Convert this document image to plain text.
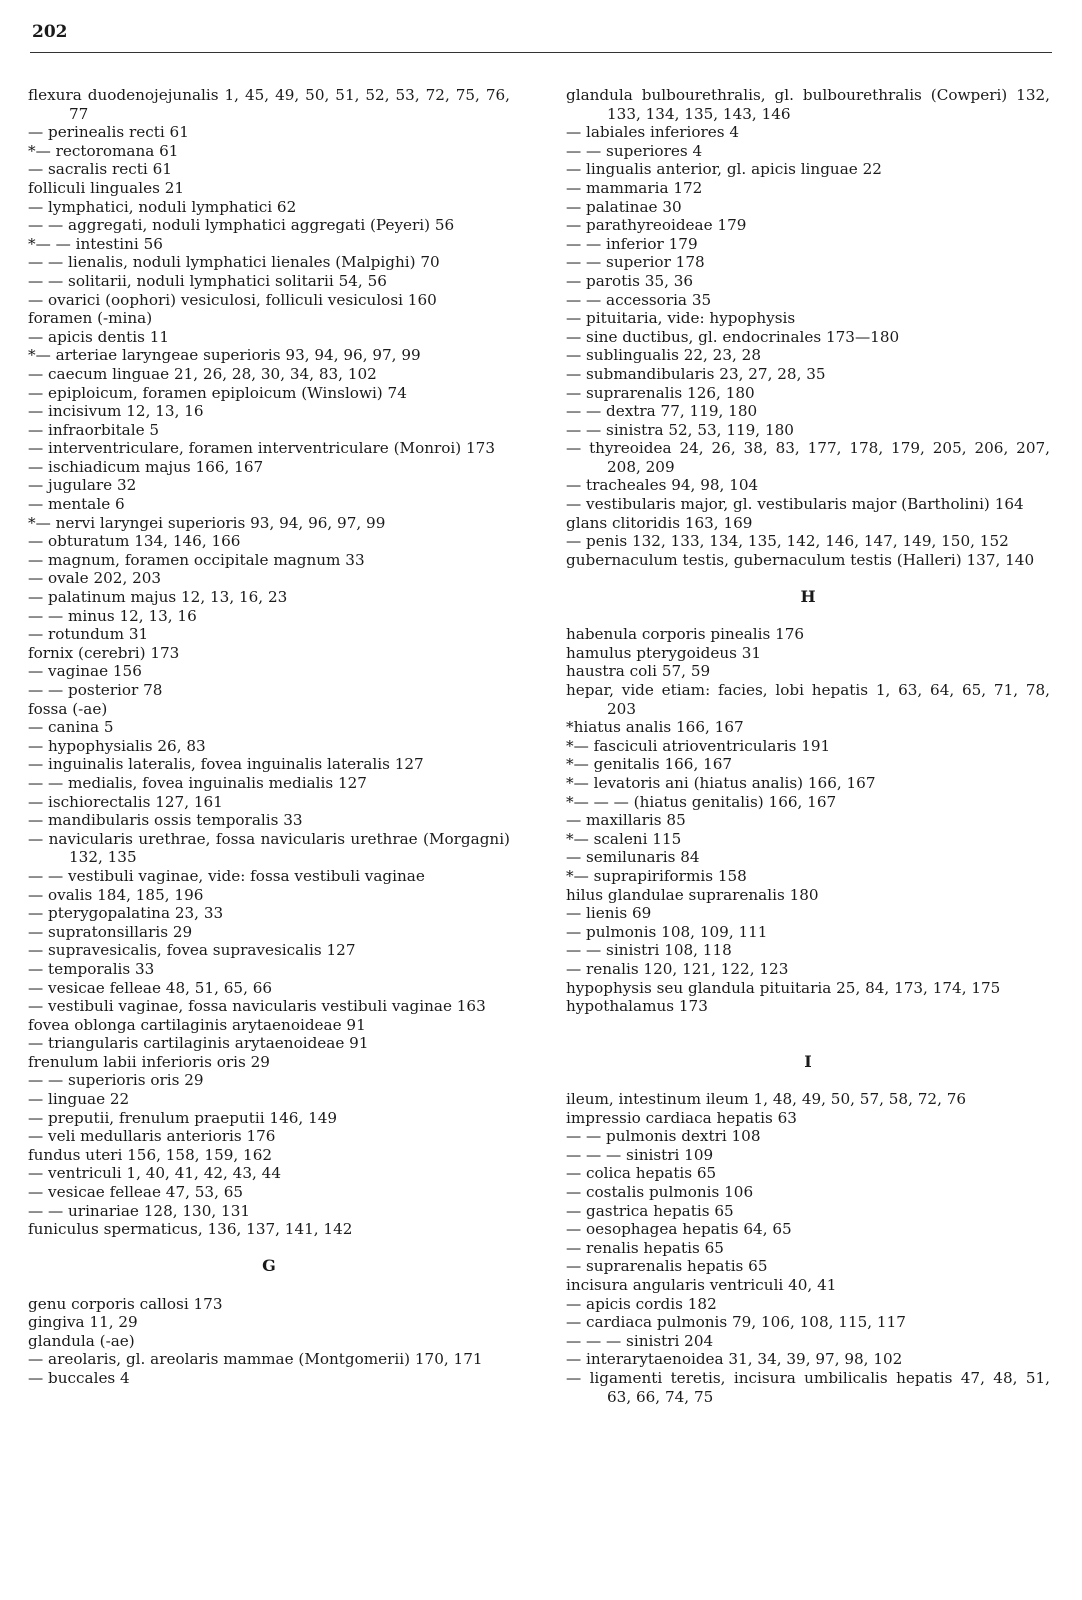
202
flexura duodenojejunalis 1, 45, 49, 50, 51, 52, 53, 72, 75, 76, 77
— perinealis recti 61
*— rectoromana 61
— sacralis recti 61
folliculi linguales 21
— lymphatici, noduli lymphatici 62
— — aggregati, noduli lymphatici aggregati (Peyeri) 56
*— — intestini 56
— — lienalis, noduli lymphatici lienales (Malpighi) 70
— — solitarii, noduli lymphatici solitarii 54, 56
— ovarici (oophori) vesiculosi, folliculi vesiculosi 160
foramen (-mina)
— apicis dentis 11
*— arteriae laryngeae superioris 93, 94, 96, 97, 99
— caecum linguae 21, 26, 28, 30, 34, 83, 102
— epiploicum, foramen epiploicum (Winslowi) 74
— incisivum 12, 13, 16
— infraorbitale 5
— interventriculare, foramen interventriculare (Monroi) 173
— ischiadicum majus 166, 167
— jugulare 32
— mentale 6
*— nervi laryngei superioris 93, 94, 96, 97, 99
— obturatum 134, 146, 166
— magnum, foramen occipitale magnum 33
— ovale 202, 203
— palatinum majus 12, 13, 16, 23
— — minus 12, 13, 16
— rotundum 31
fornix (cerebri) 173
— vaginae 156
— — posterior 78
fossa (-ae)
— canina 5
— hypophysialis 26, 83
— inguinalis lateralis, fovea inguinalis lateralis 127
— — medialis, fovea inguinalis medialis 127
— ischiorectalis 127, 161
— mandibularis ossis temporalis 33
— navicularis urethrae, fossa navicularis urethrae (Morgagni) 132, 135
— — vestibuli vaginae, vide: fossa vestibuli vaginae
— ovalis 184, 185, 196
— pterygopalatina 23, 33
— supratonsillaris 29
— supravesicalis, fovea supravesicalis 127
— temporalis 33
— vesicae felleae 48, 51, 65, 66
— vestibuli vaginae, fossa navicularis vestibuli vaginae 163
fovea oblonga cartilaginis arytaenoideae 91
— triangularis cartilaginis arytaenoideae 91
frenulum labii inferioris oris 29
— — superioris oris 29
— linguae 22
— preputii, frenulum praeputii 146, 149
— veli medullaris anterioris 176
fundus uteri 156, 158, 159, 162
— ventriculi 1, 40, 41, 42, 43, 44
— vesicae felleae 47, 53, 65
— — urinariae 128, 130, 131
funiculus spermaticus, 136, 137, 141, 142
G
genu corporis callosi 173
gingiva 11, 29
glandula (-ae)
— areolaris, gl. areolaris mammae (Montgomerii) 170, 171
— buccales 4
glandula bulbourethralis, gl. bulbourethralis (Cowperi) 132, 133, 134, 135, 143, 146
— labiales inferiores 4
— — superiores 4
— lingualis anterior, gl. apicis linguae 22
— mammaria 172
— palatinae 30
— parathyreoideae 179
— — inferior 179
— — superior 178
— parotis 35, 36
— — accessoria 35
— pituitaria, vide: hypophysis
— sine ductibus, gl. endocrinales 173—180
— sublingualis 22, 23, 28
— submandibularis 23, 27, 28, 35
— suprarenalis 126, 180
— — dextra 77, 119, 180
— — sinistra 52, 53, 119, 180
— thyreoidea 24, 26, 38, 83, 177, 178, 179, 205, 206, 207, 208, 209
— tracheales 94, 98, 104
— vestibularis major, gl. vestibularis major (Bartholini) 164
glans clitoridis 163, 169
— penis 132, 133, 134, 135, 142, 146, 147, 149, 150, 152
gubernaculum testis, gubernaculum testis (Halleri) 137, 140
H
habenula corporis pinealis 176
hamulus pterygoideus 31
haustra coli 57, 59
hepar, vide etiam: facies, lobi hepatis 1, 63, 64, 65, 71, 78, 203
*hiatus analis 166, 167
*— fasciculi atrioventricularis 191
*— genitalis 166, 167
*— levatoris ani (hiatus analis) 166, 167
*— — — (hiatus genitalis) 166, 167
— maxillaris 85
*— scaleni 115
— semilunaris 84
*— suprapiriformis 158
hilus glandulae suprarenalis 180
— lienis 69
— pulmonis 108, 109, 111
— — sinistri 108, 118
— renalis 120, 121, 122, 123
hypophysis seu glandula pituitaria 25, 84, 173, 174, 175
hypothalamus 173
I
ileum, intestinum ileum 1, 48, 49, 50, 57, 58, 72, 76
impressio cardiaca hepatis 63
— — pulmonis dextri 108
— — — sinistri 109
— colica hepatis 65
— costalis pulmonis 106
— gastrica hepatis 65
— oesophagea hepatis 64, 65
— renalis hepatis 65
— suprarenalis hepatis 65
incisura angularis ventriculi 40, 41
— apicis cordis 182
— cardiaca pulmonis 79, 106, 108, 115, 117
— — — sinistri 204
— interarytaenoidea 31, 34, 39, 97, 98, 102
— ligamenti teretis, incisura umbilicalis hepatis 47, 48, 51, 63, 66, 74, 75
